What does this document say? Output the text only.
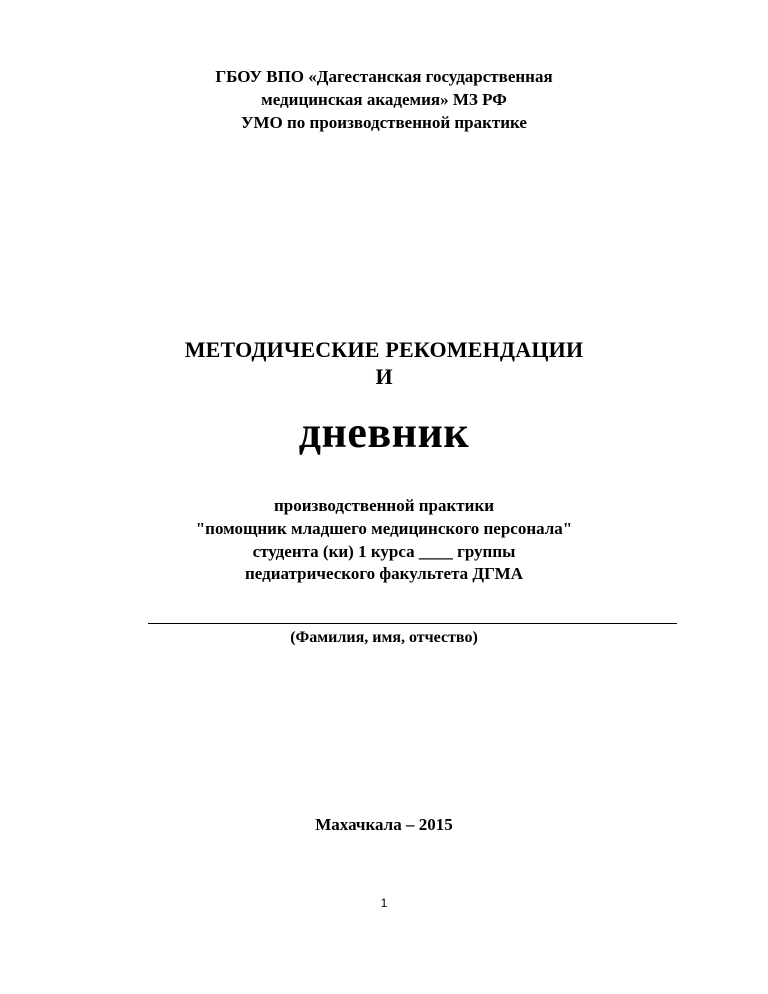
ГБОУ ВПО «Дагестанская государственная
медицинская академия» МЗ РФ
УМО по производственной практике
МЕТОДИЧЕСКИЕ РЕКОМЕНДАЦИИ
И
дневник
производственной практики
"помощник младшего медицинского персонала"
студента (ки) 1 курса ____ группы
педиатрического факультета ДГМА
(Фамилия, имя, отчество)
Махачкала – 2015
1
